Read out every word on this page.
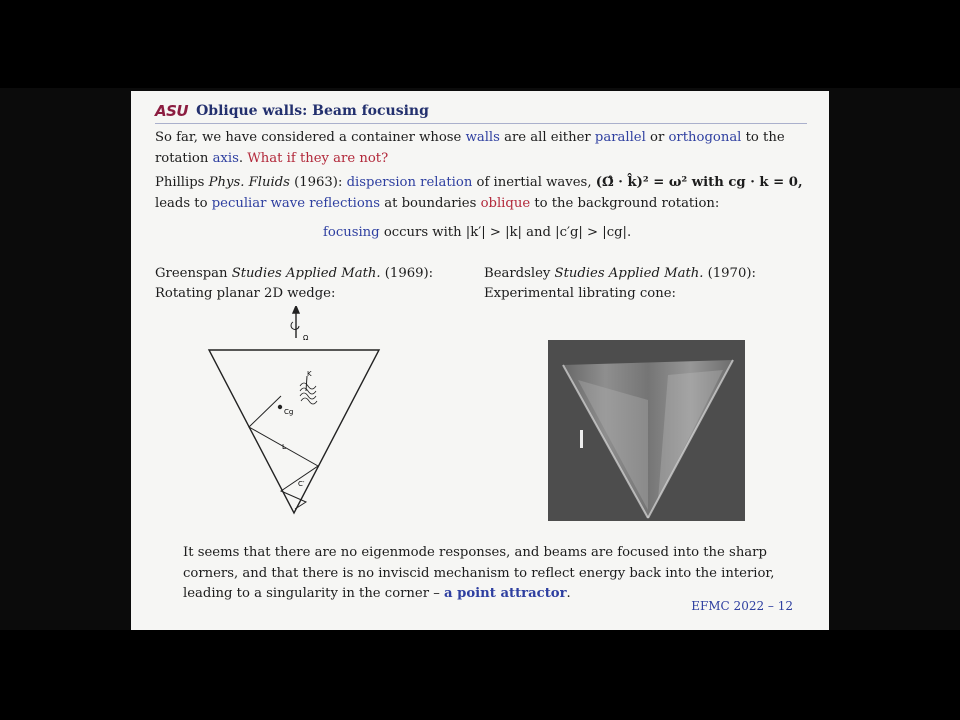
ASU Oblique walls: Beam focusing
So far, we have considered a container whose walls are all either parallel or orthogonal to the
rotation axis. What if they are not?
Phillips Phys. Fluids (1963): dispersion relation of inertial waves, (Ω̂ · k̂)² = ω² with cg · k = 0,
leads to peculiar wave reflections at boundaries oblique to the background rotation:
focusing occurs with |k′| > |k| and |c′g| > |cg|.
Greenspan Studies Applied Math. (1969):
Rotating planar 2D wedge:
Beardsley Studies Applied Math. (1970):
Experimental librating cone:
Ω
K
Cg
L
C′
It seems that there are no eigenmode responses, and beams are focused into the sharp
corners, and that there is no inviscid mechanism to reflect energy back into the interior,
leading to a singularity in the corner – a point attractor.
EFMC 2022 – 12
